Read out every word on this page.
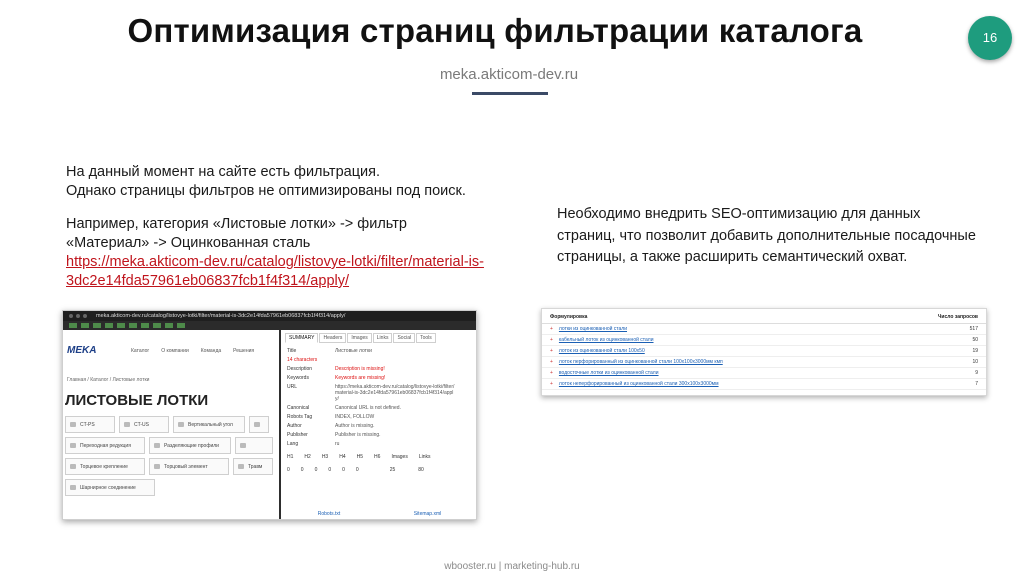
Оптимизация страниц фильтрации каталога	16
meka.akticom-dev.ru

На данный момент на сайте есть фильтрация.

Однако страницы фильтров не оптимизированы под поиск.

Например, категория «Листовые лотки» -> фильтр

«Материал» -> Оцинкованная сталь

https://meka.akticom-dev.ru/catalog/listovye-lotki/filter/material-is-3dc2e14fda57961eb06837fcb1f4f314/apply/

Необходимо внедрить SEO-оптимизацию для данных страниц, что позволит добавить дополнительные посадочные страницы, а также расширить семантический охват.
meka.akticom-dev.ru/catalog/listovye-lotki/filter/material-is-3dc2e14fda57961eb06837fcb1f4f314/apply/
MEKA	Каталог О компании Команда Решения
Главная / Каталог / Листовые лотки
ЛИСТОВЫЕ ЛОТКИ
CT-PS	CT-US	Вертикальный угол
Переходная редукция	Разделяющие профили
Торцевое крепление	Торцовый элемент	Травм
Шарнирное соединение
SUMMARY	Headers	Images	Links	Social	Tools
Title	Листовые лотки
14 characters
Description	Description is missing!
Keywords	Keywords are missing!
URL	https://meka.akticom-dev.ru/catalog/listovye-lotki/filter/material-is-3dc2e14fda57961eb06837fcb1f4f314/apply/
Canonical	Canonical URL is not defined.
Robots Tag	INDEX, FOLLOW
Author	Author is missing.
Publisher	Publisher is missing.
Lang	ru
H1 H2 H3 H4 H5 H6 Images Links
0 0 0 0 0 0	25	80
Robots.txt	Sitemap.xml
Формулировка	Число запросов
+ лотки из оцинкованной стали	517
+ кабельный лоток из оцинкованной стали	50
+ лоток из оцинкованной стали 100х50	19
+ лоток перфорированный из оцинкованной стали 100х100х3000мм кмп	10
+ водосточные лотки из оцинкованной стали	9
+ лоток неперфорированный из оцинкованной стали 300х100х3000мм	7
wbooster.ru | marketing-hub.ru
